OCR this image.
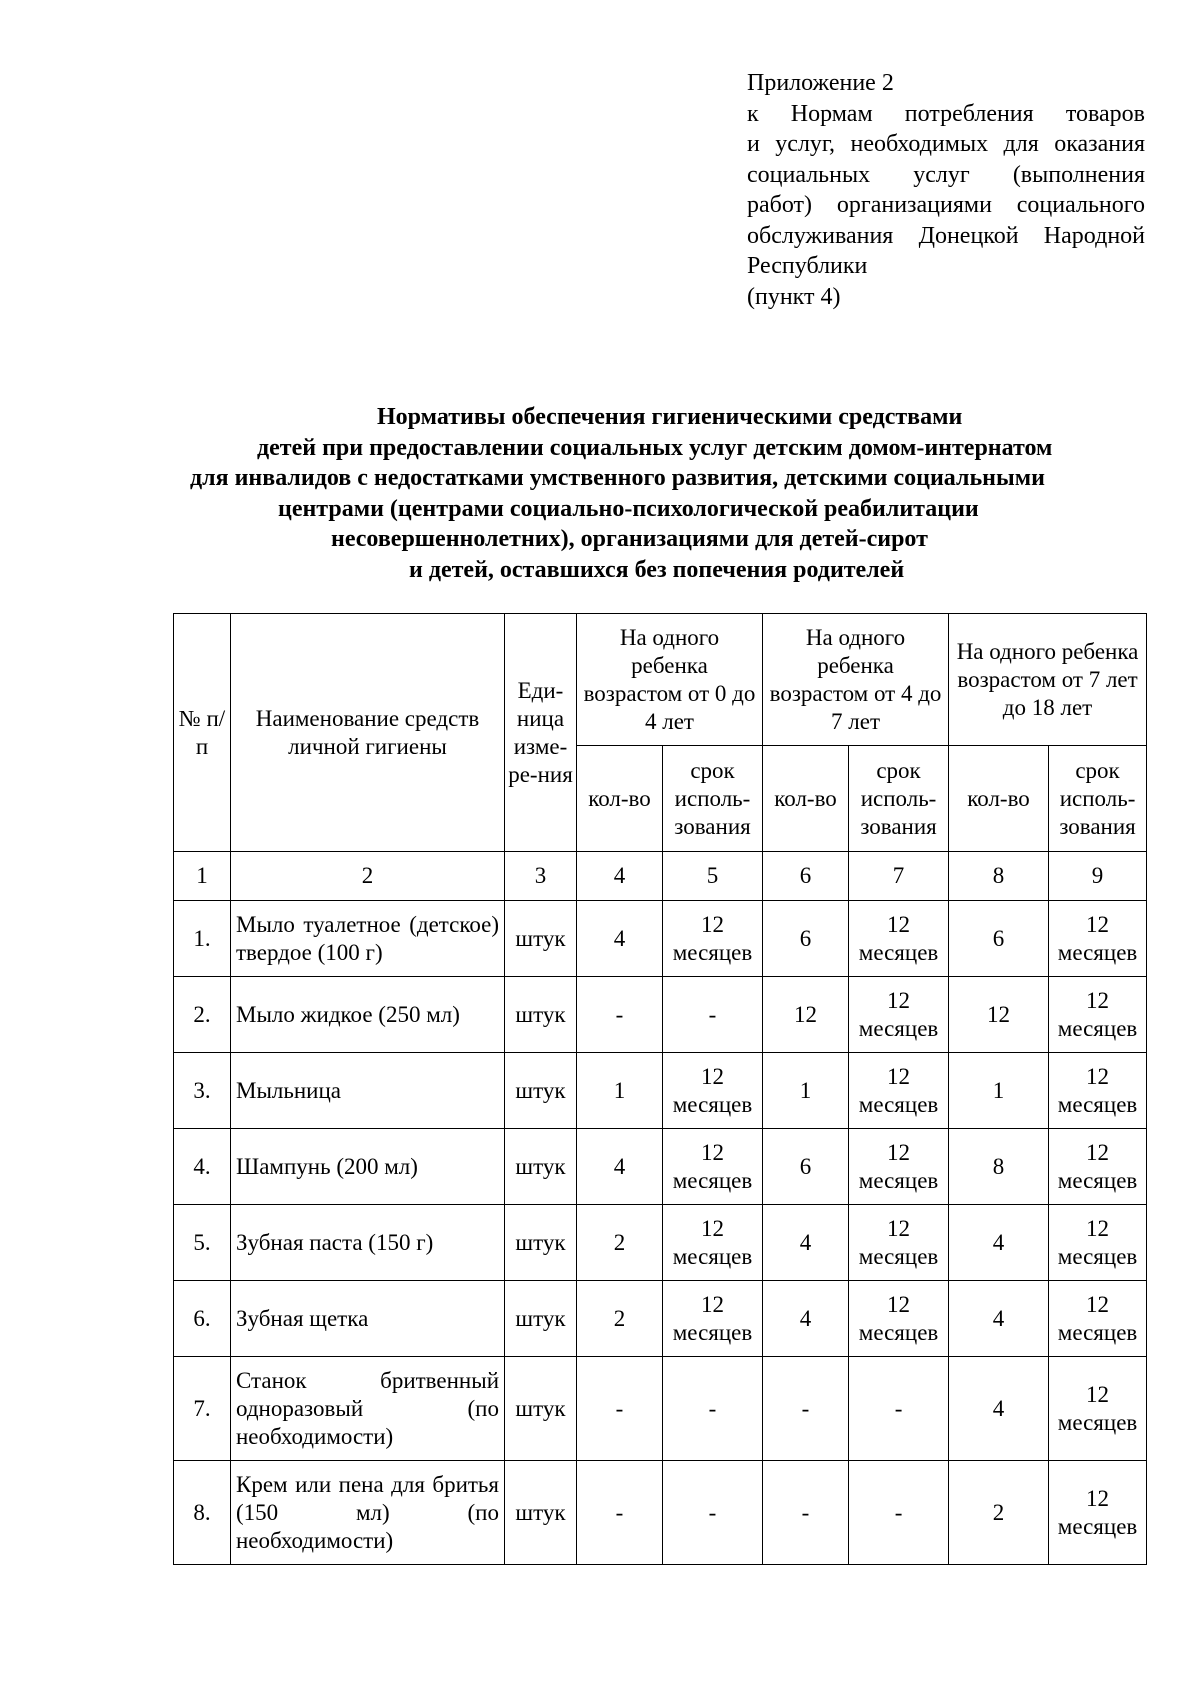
Приложение 2
к Нормам потребления товаров
и услуг, необходимых для оказания
социальных услуг (выполнения
работ) организациями социального
обслуживания Донецкой Народной
Республики
(пункт 4)
Нормативы обеспечения гигиеническими средствами
детей при предоставлении социальных услуг детским домом-интернатом
для инвалидов с недостатками умственного развития, детскими социальными
центрами (центрами социально-психологической реабилитации
несовершеннолетних), организациями для детей-сирот
и детей, оставшихся без попечения родителей
№ п/п	Наименование средств личной гигиены	Еди-ница изме-ре-ния	На одного ребенка возрастом от 0 до 4 лет		На одного ребенка возрастом от 4 до 7 лет		На одного ребенка возрастом от 7 лет до 18 лет	
			кол-во	срок исполь-зования	кол-во	срок исполь-зования	кол-во	срок исполь-зования
1	2	3	4	5	6	7	8	9
1.	Мыло туалетное (детское) твердое (100 г)	штук	4	12 месяцев	6	12 месяцев	6	12 месяцев
2.	Мыло жидкое (250 мл)	штук	-	-	12	12 месяцев	12	12 месяцев
3.	Мыльница	штук	1	12 месяцев	1	12 месяцев	1	12 месяцев
4.	Шампунь (200 мл)	штук	4	12 месяцев	6	12 месяцев	8	12 месяцев
5.	Зубная паста (150 г)	штук	2	12 месяцев	4	12 месяцев	4	12 месяцев
6.	Зубная щетка	штук	2	12 месяцев	4	12 месяцев	4	12 месяцев
7.	Станок бритвенный одноразовый (по необходимости)	штук	-	-	-	-	4	12 месяцев
8.	Крем или пена для бритья (150 мл) (по необходимости)	штук	-	-	-	-	2	12 месяцев
